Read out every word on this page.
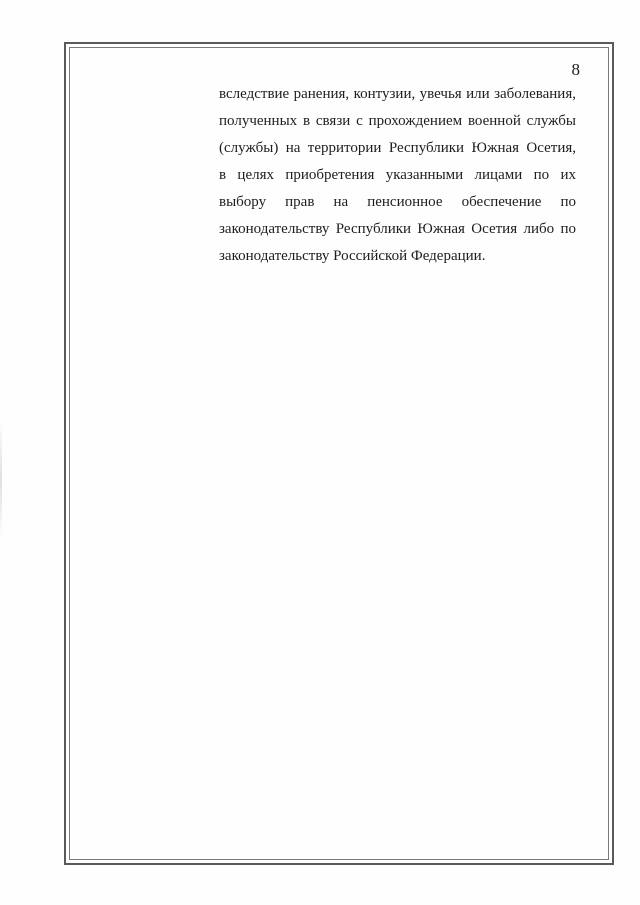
8
вследствие ранения, контузии, увечья или заболевания,
полученных в связи с прохождением военной службы
(службы) на территории Республики Южная Осетия,
в целях приобретения указанными лицами по их
выбору прав на пенсионное обеспечение по
законодательству Республики Южная Осетия либо по
законодательству Российской Федерации.
